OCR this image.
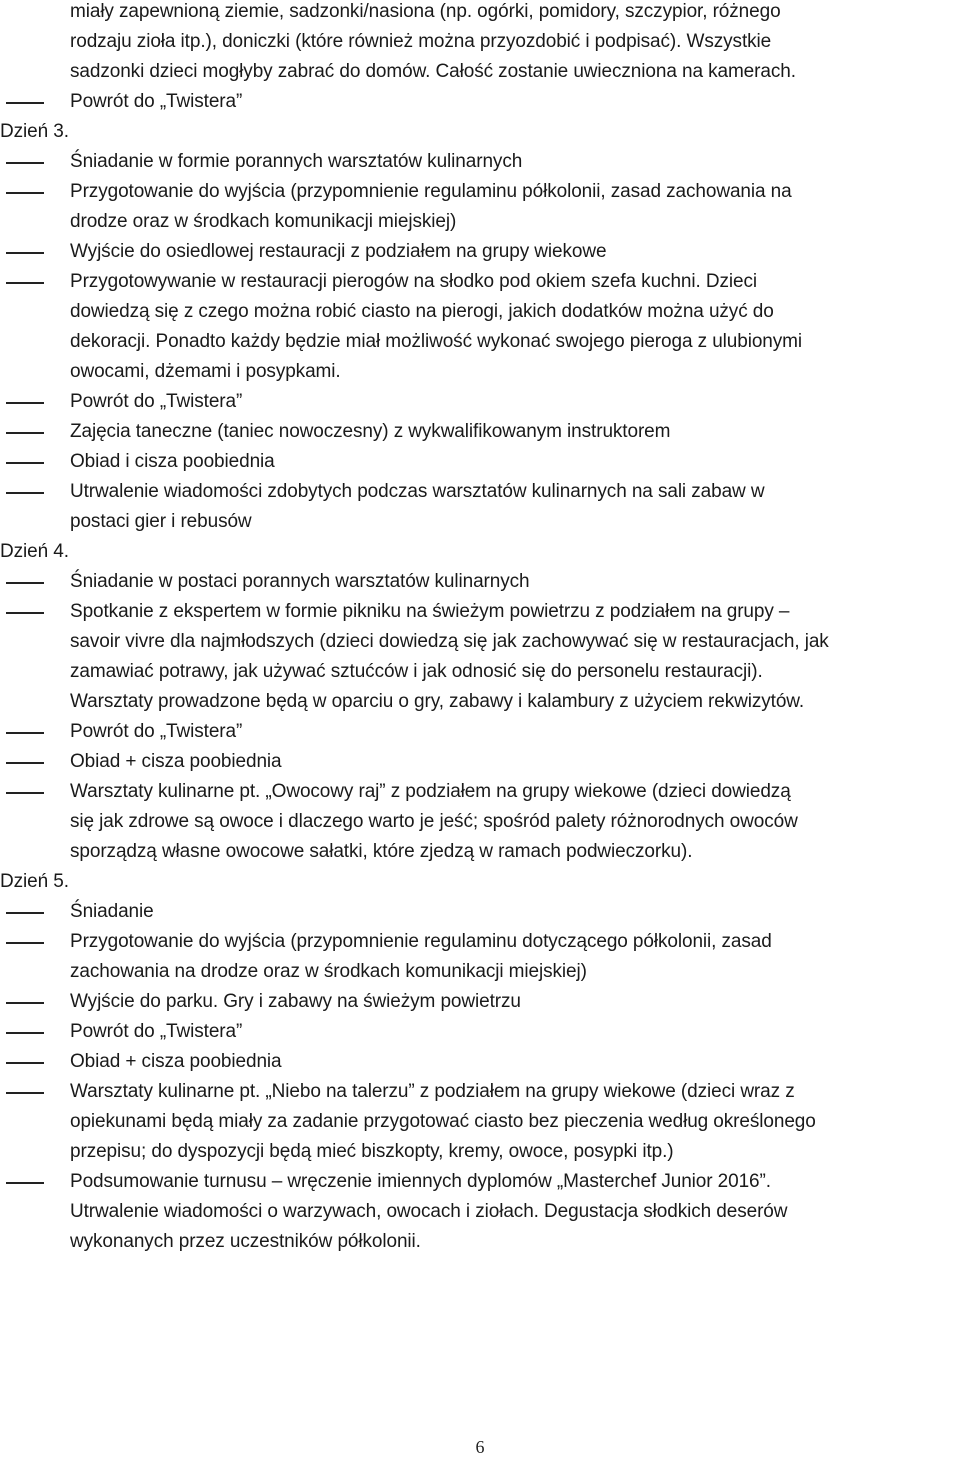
miały zapewnioną ziemie, sadzonki/nasiona (np. ogórki, pomidory, szczypior, różnego
rodzaju zioła itp.), doniczki (które również można przyozdobić i podpisać). Wszystkie
sadzonki dzieci mogłyby zabrać do domów. Całość zostanie uwieczniona na kamerach.
Powrót do „Twistera”
Dzień 3.
Śniadanie w formie porannych warsztatów kulinarnych
Przygotowanie do wyjścia (przypomnienie regulaminu półkolonii, zasad zachowania na
drodze oraz w środkach komunikacji miejskiej)
Wyjście do osiedlowej restauracji z podziałem na grupy wiekowe
Przygotowywanie w restauracji pierogów na słodko pod okiem szefa kuchni. Dzieci
dowiedzą się z czego można robić ciasto na pierogi, jakich dodatków można użyć do
dekoracji. Ponadto każdy będzie miał możliwość wykonać swojego pieroga z ulubionymi
owocami, dżemami i posypkami.
Powrót do „Twistera”
Zajęcia taneczne (taniec nowoczesny) z wykwalifikowanym instruktorem
Obiad i cisza poobiednia
Utrwalenie wiadomości zdobytych podczas warsztatów kulinarnych na sali zabaw w
postaci gier i rebusów
Dzień 4.
Śniadanie w postaci porannych warsztatów kulinarnych
Spotkanie z ekspertem w formie pikniku na świeżym powietrzu z podziałem na grupy –
savoir vivre dla najmłodszych (dzieci dowiedzą się jak zachowywać się w restauracjach, jak
zamawiać potrawy, jak używać sztućców i jak odnosić się do personelu restauracji).
Warsztaty prowadzone będą w oparciu o gry, zabawy i kalambury z użyciem rekwizytów.
Powrót do „Twistera”
Obiad + cisza poobiednia
Warsztaty kulinarne pt. „Owocowy raj” z podziałem na grupy wiekowe (dzieci dowiedzą
się jak zdrowe są owoce i dlaczego warto je jeść; spośród palety różnorodnych owoców
sporządzą własne owocowe sałatki, które zjedzą w ramach podwieczorku).
Dzień 5.
Śniadanie
Przygotowanie do wyjścia (przypomnienie regulaminu dotyczącego półkolonii, zasad
zachowania na drodze oraz w środkach komunikacji miejskiej)
Wyjście do parku. Gry i zabawy na świeżym powietrzu
Powrót do „Twistera”
Obiad + cisza poobiednia
Warsztaty kulinarne pt. „Niebo na talerzu” z podziałem na grupy wiekowe (dzieci wraz z
opiekunami będą miały za zadanie przygotować ciasto bez pieczenia według określonego
przepisu; do dyspozycji będą mieć biszkopty, kremy, owoce, posypki itp.)
Podsumowanie turnusu – wręczenie imiennych dyplomów „Masterchef Junior 2016”.
Utrwalenie wiadomości o warzywach, owocach i ziołach. Degustacja słodkich deserów
wykonanych przez uczestników półkolonii.
6
